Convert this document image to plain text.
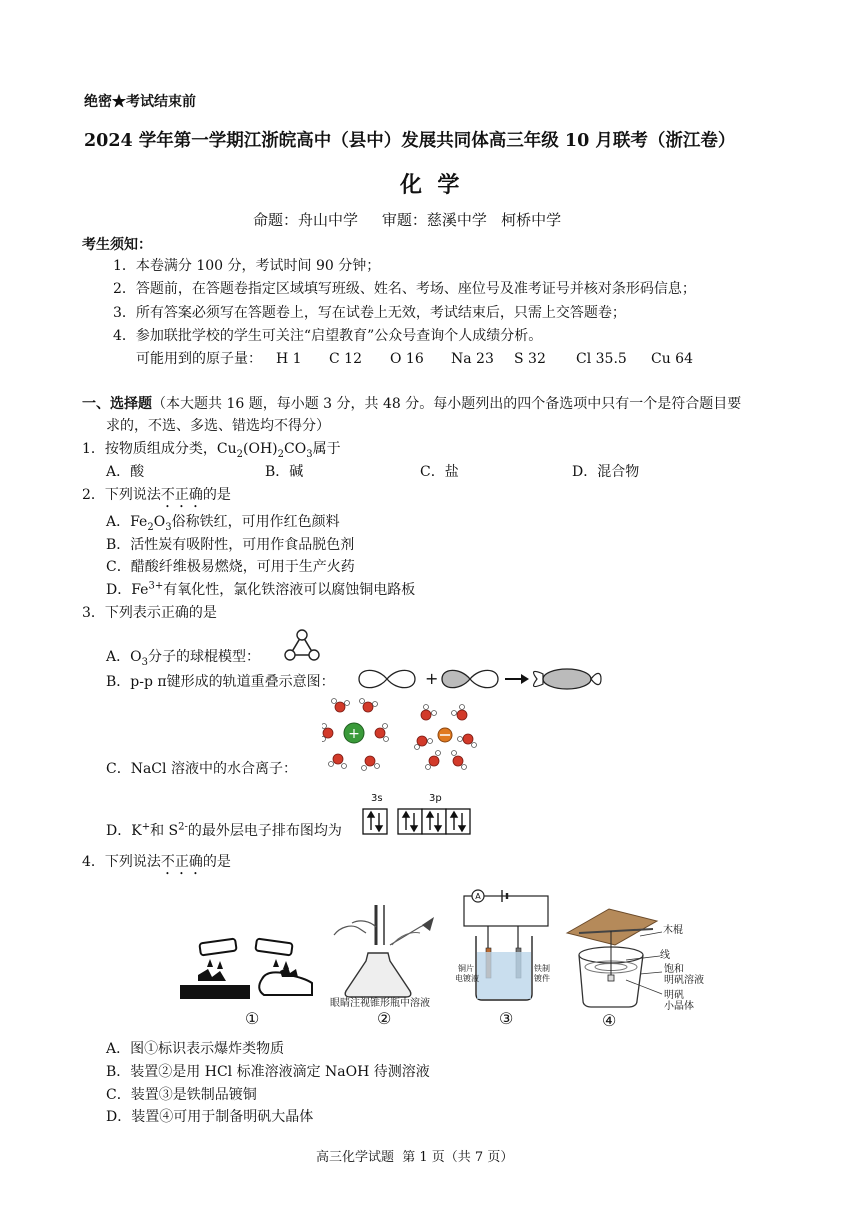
绝密★考试结束前
2024 学年第一学期江浙皖高中（县中）发展共同体高三年级 10 月联考（浙江卷）
化  学
命题：舟山中学     审题：慈溪中学   柯桥中学
考生须知：
1．本卷满分 100 分，考试时间 90 分钟；
2．答题前，在答题卷指定区域填写班级、姓名、考场、座位号及准考证号并核对条形码信息；
3．所有答案必须写在答题卷上，写在试卷上无效，考试结束后，只需上交答题卷；
4．参加联批学校的学生可关注“启望教育”公众号查询个人成绩分析。
可能用到的原子量： H 1 C 12 O 16 Na 23 S 32 Cl 35.5 Cu 64
一、选择题（本大题共 16 题，每小题 3 分，共 48 分。每小题列出的四个备选项中只有一个是符合题目要
求的，不选、多选、错选均不得分）
1．按物质组成分类，$Cu_2(OH)_2CO_3$属于
A．酸	B．碱	C．盐	D．混合物
2．下列说法不正确的是
A．$Fe_2O_3$俗称铁红，可用作红色颜料
B．活性炭有吸附性，可用作食品脱色剂
C．醋酸纤维极易燃烧，可用于生产火药
D．$Fe^{3+}$有氧化性，氯化铁溶液可以腐蚀铜电路板
3．下列表示正确的是
A．$O_3$分子的球棍模型：
B．p-p π键形成的轨道重叠示意图：	+
+
C．NaCl 溶液中的水合离子：
D．K+和 $S^{2-}$的最外层电子排布图均为
3s	3p
4．下列说法不正确的是
眼睛注视锥形瓶中溶液
A
铜片
电镀液
铁制
镀件
木棍
线
饱和
明矾溶液
明矾
小晶体
①	②	③	④
A．图①标识表示爆炸类物质
B．装置②是用 HCl 标准溶液滴定 NaOH 待测溶液
C．装置③是铁制品镀铜
D．装置④可用于制备明矾大晶体
高三化学试题  第 1 页（共 7 页）
